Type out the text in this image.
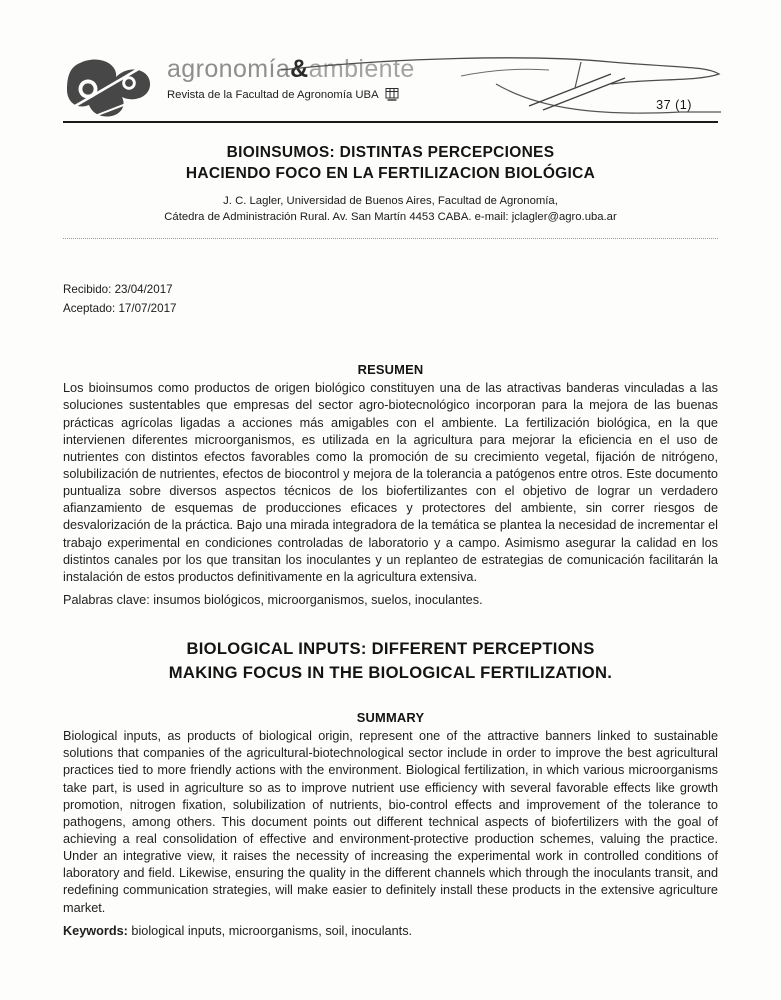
agronomía&ambiente
Revista de la Facultad de Agronomía UBA
37 (1)
BIOINSUMOS: DISTINTAS PERCEPCIONES
HACIENDO FOCO EN LA FERTILIZACION BIOLÓGICA

J. C. Lagler, Universidad de Buenos Aires, Facultad de Agronomía,
Cátedra de Administración Rural. Av. San Martín 4453 CABA. e-mail: jclagler@agro.uba.ar

Recibido: 23/04/2017
Aceptado: 17/07/2017
RESUMEN

Los bioinsumos como productos de origen biológico constituyen una de las atractivas banderas vinculadas a las soluciones sustentables que empresas del sector agro-biotecnológico incorporan para la mejora de las buenas prácticas agrícolas ligadas a acciones más amigables con el ambiente. La fertilización biológica, en la que intervienen diferentes microorganismos, es utilizada en la agricultura para mejorar la eficiencia en el uso de nutrientes con distintos efectos favorables como la promoción de su crecimiento vegetal, fijación de nitrógeno, solubilización de nutrientes, efectos de biocontrol y mejora de la tolerancia a patógenos entre otros. Este documento puntualiza sobre diversos aspectos técnicos de los biofertilizantes con el objetivo de lograr un verdadero afianzamiento de esquemas de producciones eficaces y protectores del ambiente, sin correr riesgos de desvalorización de la práctica. Bajo una mirada integradora de la temática se plantea la necesidad de incrementar el trabajo experimental en condiciones controladas de laboratorio y a campo. Asimismo asegurar la calidad en los distintos canales por los que transitan los inoculantes y un replanteo de estrategias de comunicación facilitarán la instalación de estos productos definitivamente en la agricultura extensiva.

Palabras clave: insumos biológicos, microorganismos, suelos, inoculantes.

BIOLOGICAL INPUTS: DIFFERENT PERCEPTIONS
MAKING FOCUS IN THE BIOLOGICAL FERTILIZATION.
SUMMARY

Biological inputs, as products of biological origin, represent one of the attractive banners linked to sustainable solutions that companies of the agricultural-biotechnological sector include in order to improve the best agricultural practices tied to more friendly actions with the environment. Biological fertilization, in which various microorganisms take part, is used in agriculture so as to improve nutrient use efficiency with several favorable effects like growth promotion, nitrogen fixation, solubilization of nutrients, bio-control effects and improvement of the tolerance to pathogens, among others. This document points out different technical aspects of biofertilizers with the goal of achieving a real consolidation of effective and environment-protective production schemes, valuing the practice. Under an integrative view, it raises the necessity of increasing the experimental work in controlled conditions of laboratory and field. Likewise, ensuring the quality in the different channels which through the inoculants transit, and redefining communication strategies, will make easier to definitely install these products in the extensive agriculture market.

Keywords: biological inputs, microorganisms, soil, inoculants.
